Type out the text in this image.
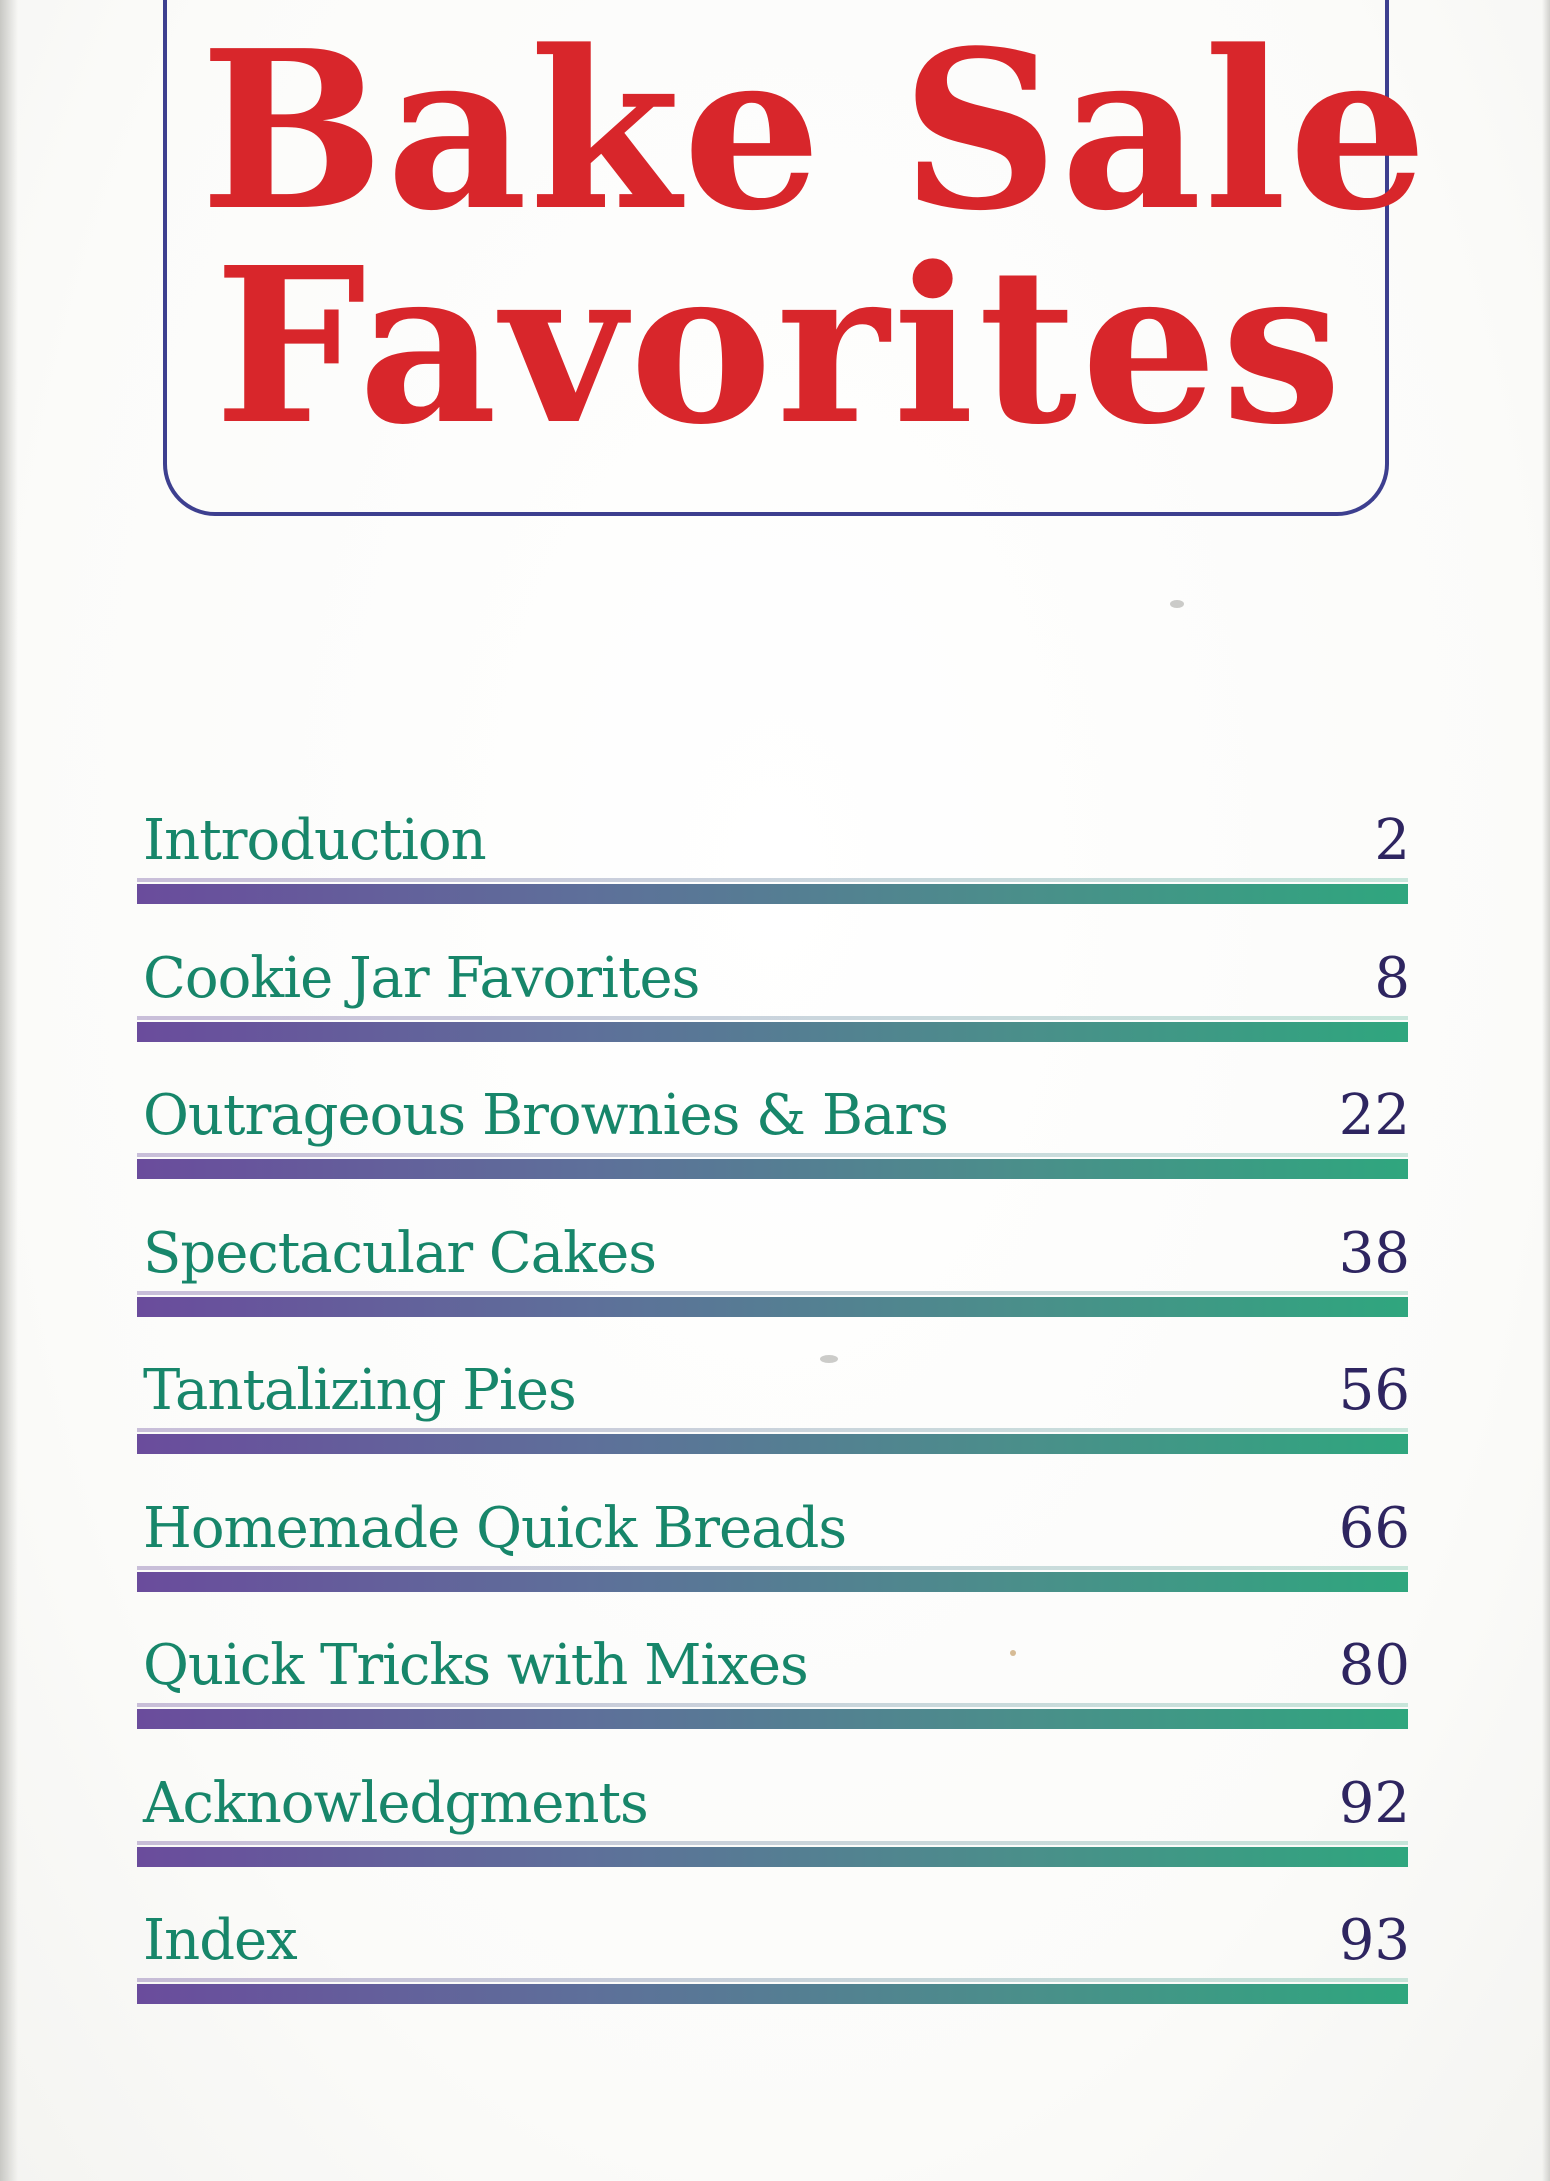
Bake Sale
Favorites
Introduction	2
Cookie Jar Favorites	8
Outrageous Brownies & Bars	22
Spectacular Cakes	38
Tantalizing Pies	56
Homemade Quick Breads	66
Quick Tricks with Mixes	80
Acknowledgments	92
Index	93
